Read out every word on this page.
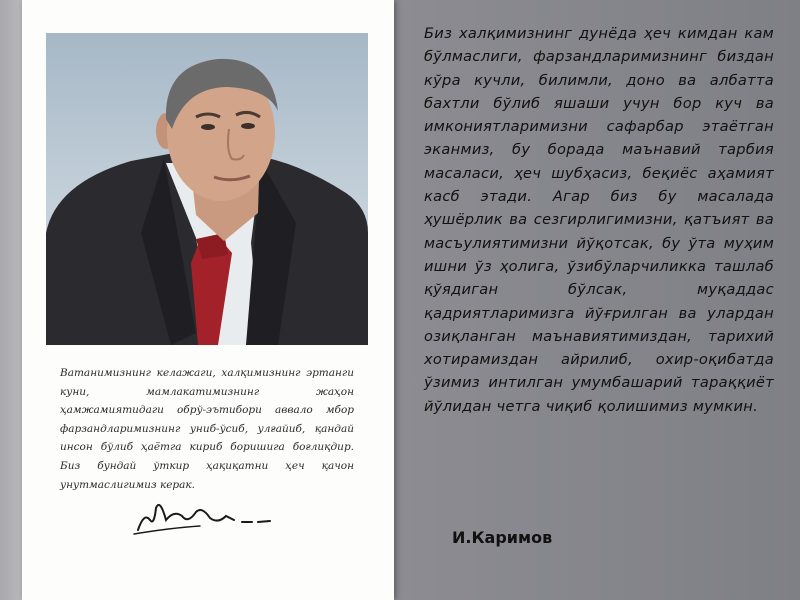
Ватанимизнинг келажаги, халқимизнинг эртанги куни, мамлакатимизнинг жаҳон ҳамжамиятидаги обрў-эътибори аввало мбор фарзандларимизнинг униб-ўсиб, улғайиб, қандай инсон бўлиб ҳаётга кириб боришига боғлиқдир. Биз бундай ўткир ҳақиқатни ҳеч қачон унутмаслигимиз керак.

Биз халқимизнинг дунёда ҳеч кимдан кам бўлмаслиги, фарзандларимизнинг биздан кўра кучли, билимли, доно ва албатта бахтли бўлиб яшаши учун бор куч ва имкониятларимизни сафарбар этаётган эканмиз, бу борада маънавий тарбия масаласи, ҳеч шубҳасиз, беқиёс аҳамият касб этади. Агар биз бу масалада ҳушёрлик ва сезгирлигимизни, қатъият ва масъулиятимизни йўқотсак, бу ўта муҳим ишни ўз ҳолига, ўзибўларчиликка ташлаб қўядиган бўлсак, муқаддас қадриятларимизга йўғрилган ва улардан озиқланган маънавиятимиздан, тарихий хотирамиздан айрилиб, охир-оқибатда ўзимиз интилган умумбашарий тараққиёт йўлидан четга чиқиб қолишимиз мумкин.

И.Каримов
